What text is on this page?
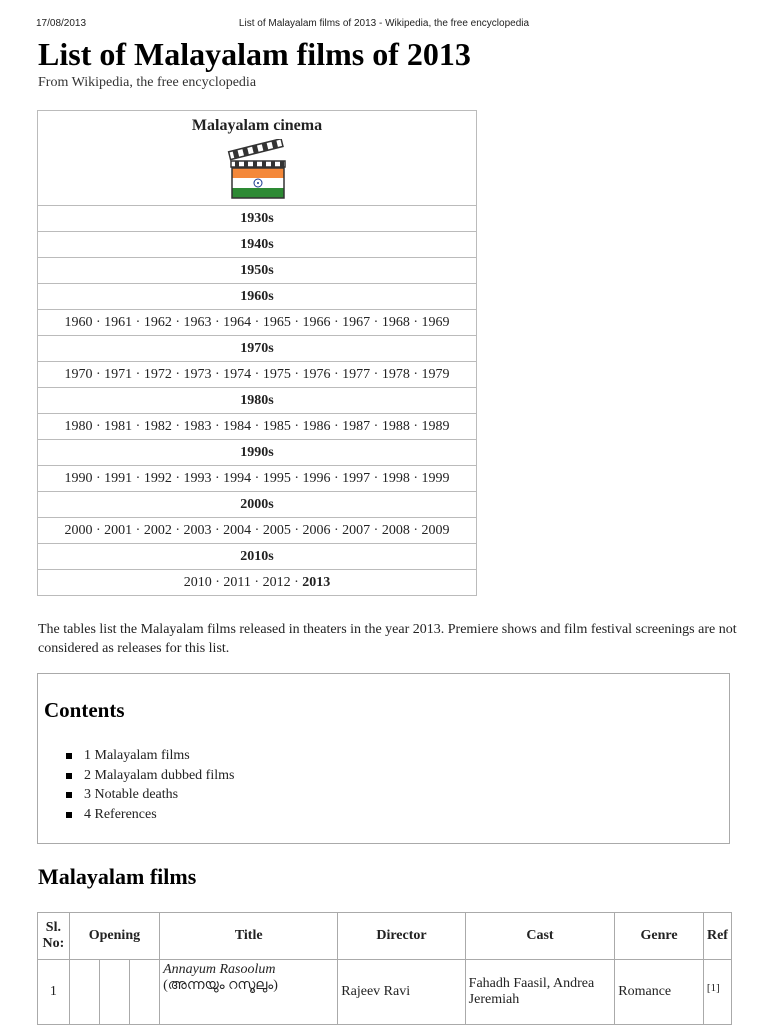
17/08/2013	List of Malayalam films of 2013 - Wikipedia, the free encyclopedia
List of Malayalam films of 2013
From Wikipedia, the free encyclopedia
Malayalam cinema

1930s
1940s
1950s
1960s
1960 · 1961 · 1962 · 1963 · 1964 · 1965 · 1966 · 1967 · 1968 · 1969
1970s
1970 · 1971 · 1972 · 1973 · 1974 · 1975 · 1976 · 1977 · 1978 · 1979
1980s
1980 · 1981 · 1982 · 1983 · 1984 · 1985 · 1986 · 1987 · 1988 · 1989
1990s
1990 · 1991 · 1992 · 1993 · 1994 · 1995 · 1996 · 1997 · 1998 · 1999
2000s
2000 · 2001 · 2002 · 2003 · 2004 · 2005 · 2006 · 2007 · 2008 · 2009
2010s
2010 · 2011 · 2012 · 2013
The tables list the Malayalam films released in theaters in the year 2013. Premiere shows and film festival screenings are not considered as releases for this list.
Contents
1 Malayalam films
2 Malayalam dubbed films
3 Notable deaths
4 References
Malayalam films
Sl. No:	Opening			Title	Director	Cast	Genre	Ref
1				Annayum Rasoolum
(അന്നയും റസൂലും)	Rajeev Ravi	Fahadh Faasil, Andrea Jeremiah	Romance	[1]
